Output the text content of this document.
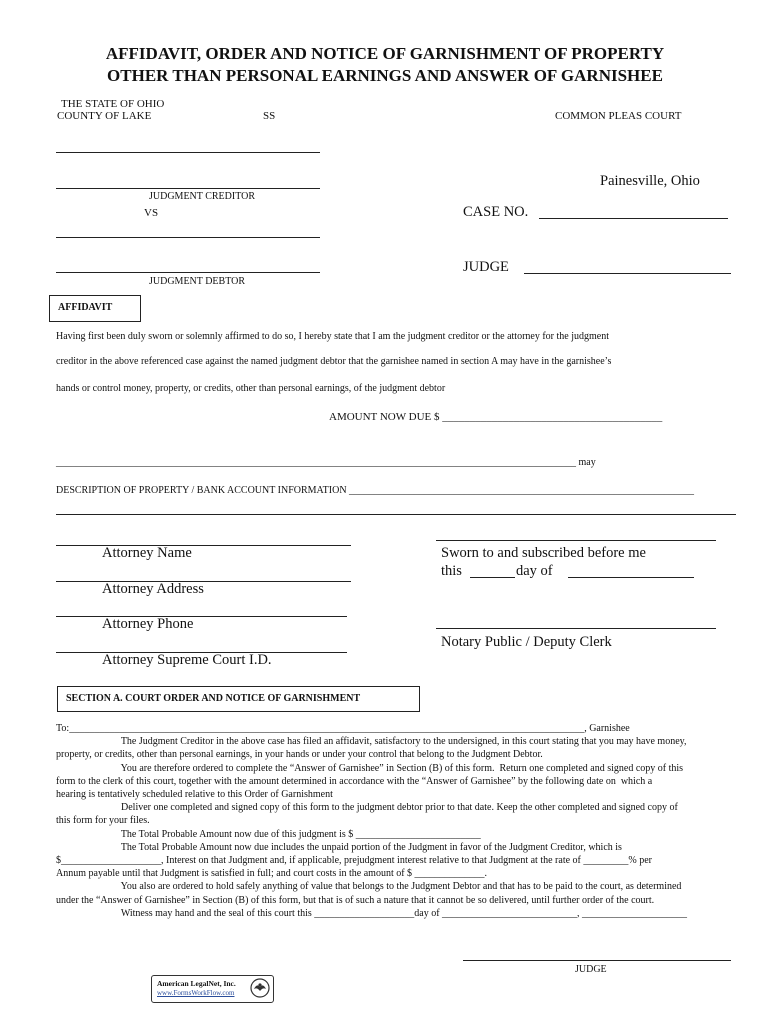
AFFIDAVIT, ORDER AND NOTICE OF GARNISHMENT OF PROPERTY
OTHER THAN PERSONAL EARNINGS AND ANSWER OF GARNISHEE
THE STATE OF OHIO
COUNTY OF LAKE	SS	COMMON PLEAS COURT
JUDGMENT CREDITOR
VS
JUDGMENT DEBTOR
Painesville, Ohio
CASE NO.
JUDGE
AFFIDAVIT
Having first been duly sworn or solemnly affirmed to do so, I hereby state that I am the judgment creditor or the attorney for the judgment
creditor in the above referenced case against the named judgment debtor that the garnishee named in section A may have in the garnishee’s
hands or control money, property, or credits, other than personal earnings, of the judgment debtor
AMOUNT NOW DUE $ ________________________________________
________________________________________________________________________________________________________ may
DESCRIPTION OF PROPERTY / BANK ACCOUNT INFORMATION _____________________________________________________________________
Attorney Name
Attorney Address
Attorney Phone
Attorney Supreme Court I.D.
Sworn to and subscribed before me
this	day of
Notary Public / Deputy Clerk
SECTION A. COURT ORDER AND NOTICE OF GARNISHMENT
To:_______________________________________________________________________________________________________, Garnishee
The Judgment Creditor in the above case has filed an affidavit, satisfactory to the undersigned, in this court stating that you may have money,
property, or credits, other than personal earnings, in your hands or under your control that belong to the Judgment Debtor.
You are therefore ordered to complete the “Answer of Garnishee” in Section (B) of this form.  Return one completed and signed copy of this
form to the clerk of this court, together with the amount determined in accordance with the “Answer of Garnishee” by the following date on  which a
hearing is tentatively scheduled relative to this Order of Garnishment
Deliver one completed and signed copy of this form to the judgment debtor prior to that date. Keep the other completed and signed copy of
this form for your files.
The Total Probable Amount now due of this judgment is $ _________________________
The Total Probable Amount now due includes the unpaid portion of the Judgment in favor of the Judgment Creditor, which is
$____________________, Interest on that Judgment and, if applicable, prejudgment interest relative to that Judgment at the rate of _________% per
Annum payable until that Judgment is satisfied in full; and court costs in the amount of $ ______________.
You also are ordered to hold safely anything of value that belongs to the Judgment Debtor and that has to be paid to the court, as determined
under the “Answer of Garnishee” in Section (B) of this form, but that is of such a nature that it cannot be so delivered, until further order of the court.
Witness may hand and the seal of this court this ____________________day of ___________________________, _____________________
JUDGE
American LegalNet, Inc.
www.FormsWorkFlow.com
